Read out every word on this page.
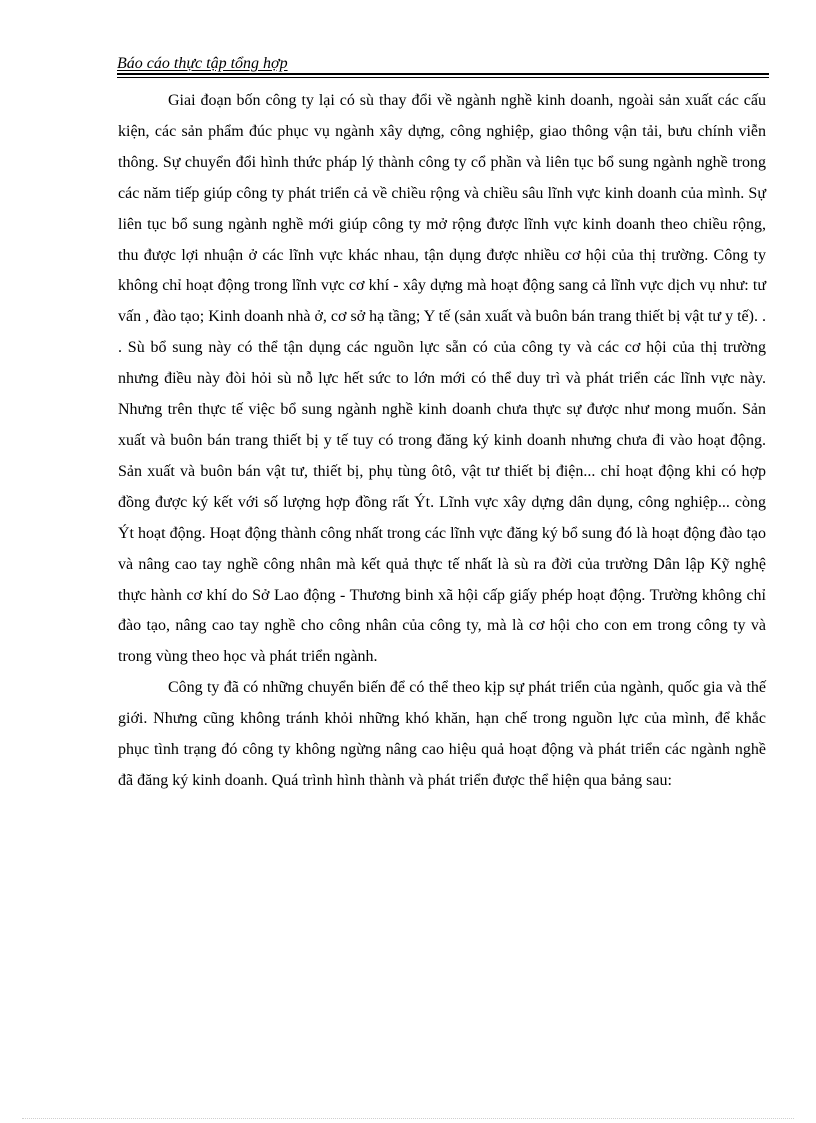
Báo cáo thực tập tổng hợp

Giai đoạn bốn công ty lại có sù thay đổi về ngành nghề kinh doanh, ngoài sản xuất các cấu kiện, các sản phẩm đúc phục vụ ngành xây dựng, công nghiệp, giao thông vận tải, bưu chính viễn thông. Sự chuyển đổi hình thức pháp lý thành công ty cổ phần và liên tục bổ sung ngành nghề trong các năm tiếp giúp công ty phát triển cả về chiều rộng và chiều sâu lĩnh vực kinh doanh của mình. Sự liên tục bổ sung ngành nghề mới giúp công ty mở rộng được lĩnh vực kinh doanh theo chiều rộng, thu được lợi nhuận ở các lĩnh vực khác nhau, tận dụng được nhiều cơ hội của thị trường. Công ty không chỉ hoạt động trong lĩnh vực cơ khí - xây dựng mà hoạt động sang cả lĩnh vực dịch vụ như: tư vấn , đào tạo; Kinh doanh nhà ở, cơ sở hạ tầng; Y tế (sản xuất và buôn bán trang thiết bị vật tư y tế). . . Sù bổ sung này có thể tận dụng các nguồn lực sẵn có của công ty và các cơ hội của thị trường nhưng điều này đòi hỏi sù nỗ lực hết sức to lớn mới có thể duy trì và phát triển các lĩnh vực này. Nhưng trên thực tế việc bổ sung ngành nghề kinh doanh chưa thực sự được như mong muốn. Sản xuất và buôn bán trang thiết bị y tế tuy có trong đăng ký kinh doanh nhưng chưa đi vào hoạt động. Sản xuất và buôn bán vật tư, thiết bị, phụ tùng ôtô, vật tư thiết bị điện... chỉ hoạt động khi có hợp đồng được ký kết với số lượng hợp đồng rất Ýt. Lĩnh vực xây dựng dân dụng, công nghiệp... còng Ýt hoạt động. Hoạt động thành công nhất trong các lĩnh vực đăng ký bổ sung đó là hoạt động đào tạo và nâng cao tay nghề công nhân mà kết quả thực tế nhất là sù ra đời của trường Dân lập Kỹ nghệ thực hành cơ khí do Sở Lao động - Thương binh xã hội cấp giấy phép hoạt động. Trường không chỉ đào tạo, nâng cao tay nghề cho công nhân của công ty, mà là cơ hội cho con em trong công ty và trong vùng theo học và phát triển ngành.

Công ty đã có những chuyển biến để có thể theo kịp sự phát triển của ngành, quốc gia và thế giới. Nhưng cũng không tránh khỏi những khó khăn, hạn chế trong nguồn lực của mình, để khắc phục tình trạng đó công ty không ngừng nâng cao hiệu quả hoạt động và phát triển các ngành nghề đã đăng ký kinh doanh. Quá trình hình thành và phát triển được thể hiện qua bảng sau:
